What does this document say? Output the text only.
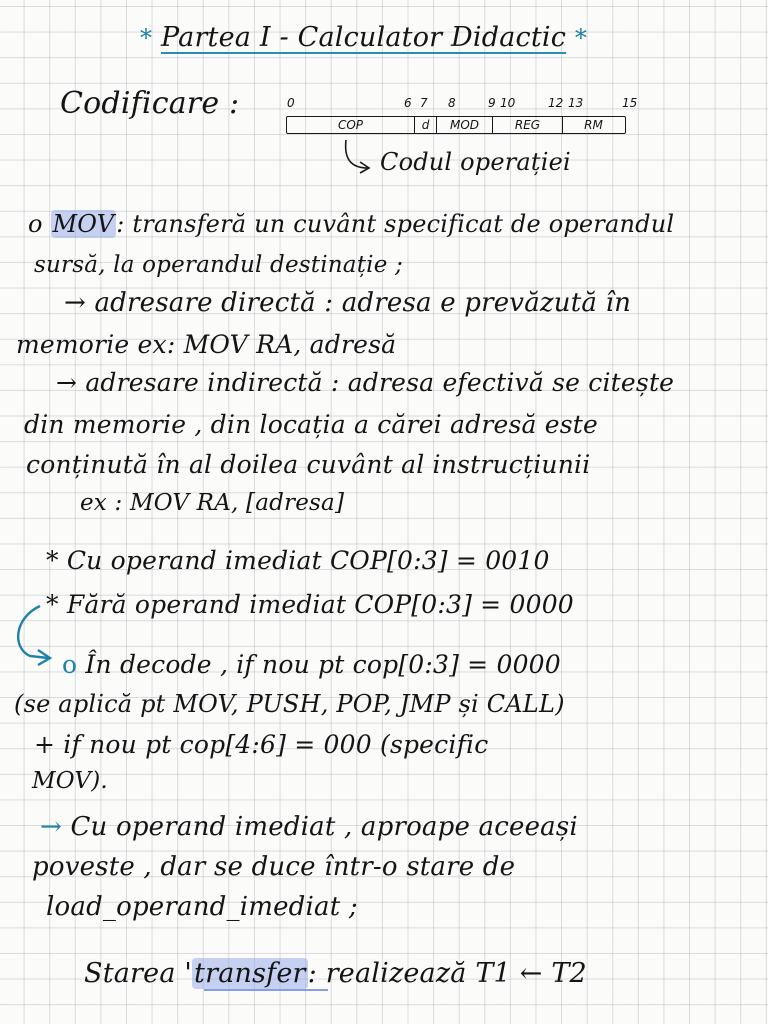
* Partea I - Calculator Didactic *
Codificare :	0	6 7 8	9 10	12 13	15
COP	d	MOD	REG	RM
Codul operației
o MOV: transferă un cuvânt specificat de operandul
sursă, la operandul destinație ;
→ adresare directă : adresa e prevăzută în
memorie ex: MOV RA, adresă
→ adresare indirectă : adresa efectivă se citește
din memorie , din locația a cărei adresă este
conținută în al doilea cuvânt al instrucțiunii
ex : MOV RA, [adresa]
* Cu operand imediat COP[0:3] = 0010
* Fără operand imediat COP[0:3] = 0000
o În decode , if nou pt cop[0:3] = 0000
(se aplică pt MOV, PUSH, POP, JMP și CALL)
+ if nou pt cop[4:6] = 000 (specific
MOV).
→ Cu operand imediat , aproape aceeași
poveste , dar se duce într-o stare de
load_operand_imediat ;
Starea 'transfer: realizează T1 ← T2
